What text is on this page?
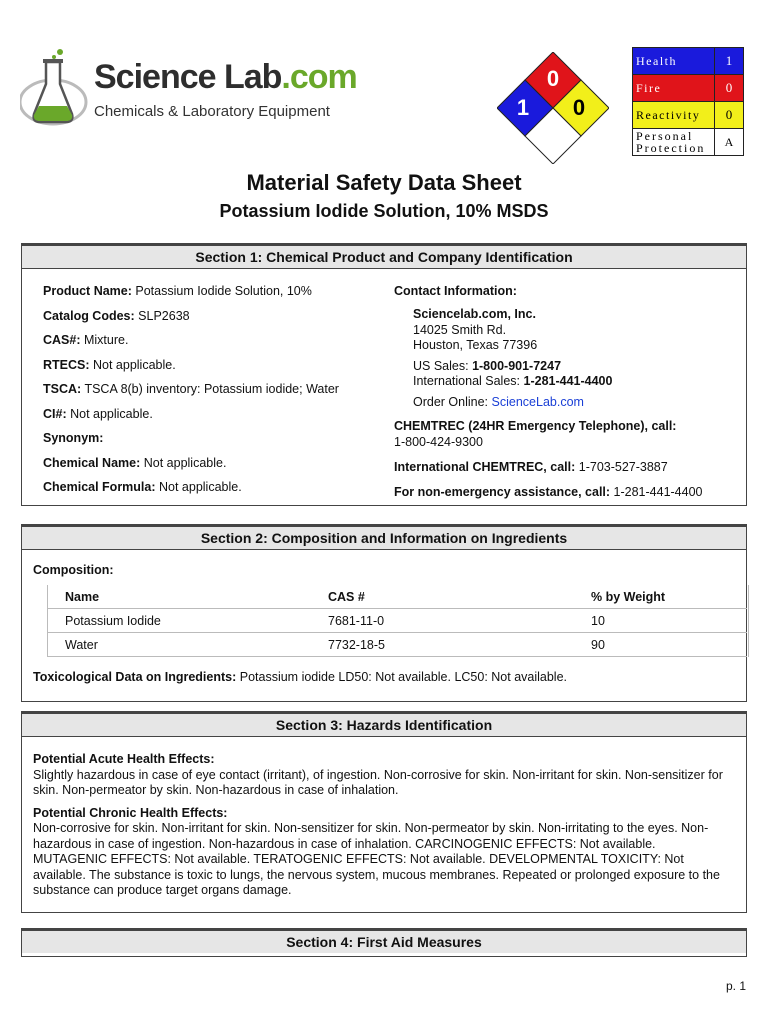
Science Lab.com
Chemicals & Laboratory Equipment
0
1 0
Health	1
Fire	0
Reactivity	0
Personal
Protection	A
Material Safety Data Sheet
Potassium Iodide Solution, 10% MSDS
Section 1: Chemical Product and Company Identification
Product Name: Potassium Iodide Solution, 10%
Catalog Codes: SLP2638
CAS#: Mixture.
RTECS: Not applicable.
TSCA: TSCA 8(b) inventory: Potassium iodide; Water
CI#: Not applicable.
Synonym:
Chemical Name: Not applicable.
Chemical Formula: Not applicable.
Contact Information:
Sciencelab.com, Inc.
14025 Smith Rd.
Houston, Texas 77396
US Sales: 1-800-901-7247
International Sales: 1-281-441-4400
Order Online: ScienceLab.com
CHEMTREC (24HR Emergency Telephone), call:
1-800-424-9300
International CHEMTREC, call: 1-703-527-3887
For non-emergency assistance, call: 1-281-441-4400
Section 2: Composition and Information on Ingredients
Composition:
Name	CAS #	% by Weight
Potassium Iodide	7681-11-0	10
Water	7732-18-5	90
Toxicological Data on Ingredients: Potassium iodide LD50: Not available. LC50: Not available.
Section 3: Hazards Identification

Potential Acute Health Effects:
Slightly hazardous in case of eye contact (irritant), of ingestion. Non-corrosive for skin. Non-irritant for skin. Non-sensitizer for skin. Non-permeator by skin. Non-hazardous in case of inhalation.

Potential Chronic Health Effects:
Non-corrosive for skin. Non-irritant for skin. Non-sensitizer for skin. Non-permeator by skin. Non-irritating to the eyes. Non-hazardous in case of ingestion. Non-hazardous in case of inhalation. CARCINOGENIC EFFECTS: Not available. MUTAGENIC EFFECTS: Not available. TERATOGENIC EFFECTS: Not available. DEVELOPMENTAL TOXICITY: Not available. The substance is toxic to lungs, the nervous system, mucous membranes. Repeated or prolonged exposure to the substance can produce target organs damage.

Section 4: First Aid Measures
p. 1
